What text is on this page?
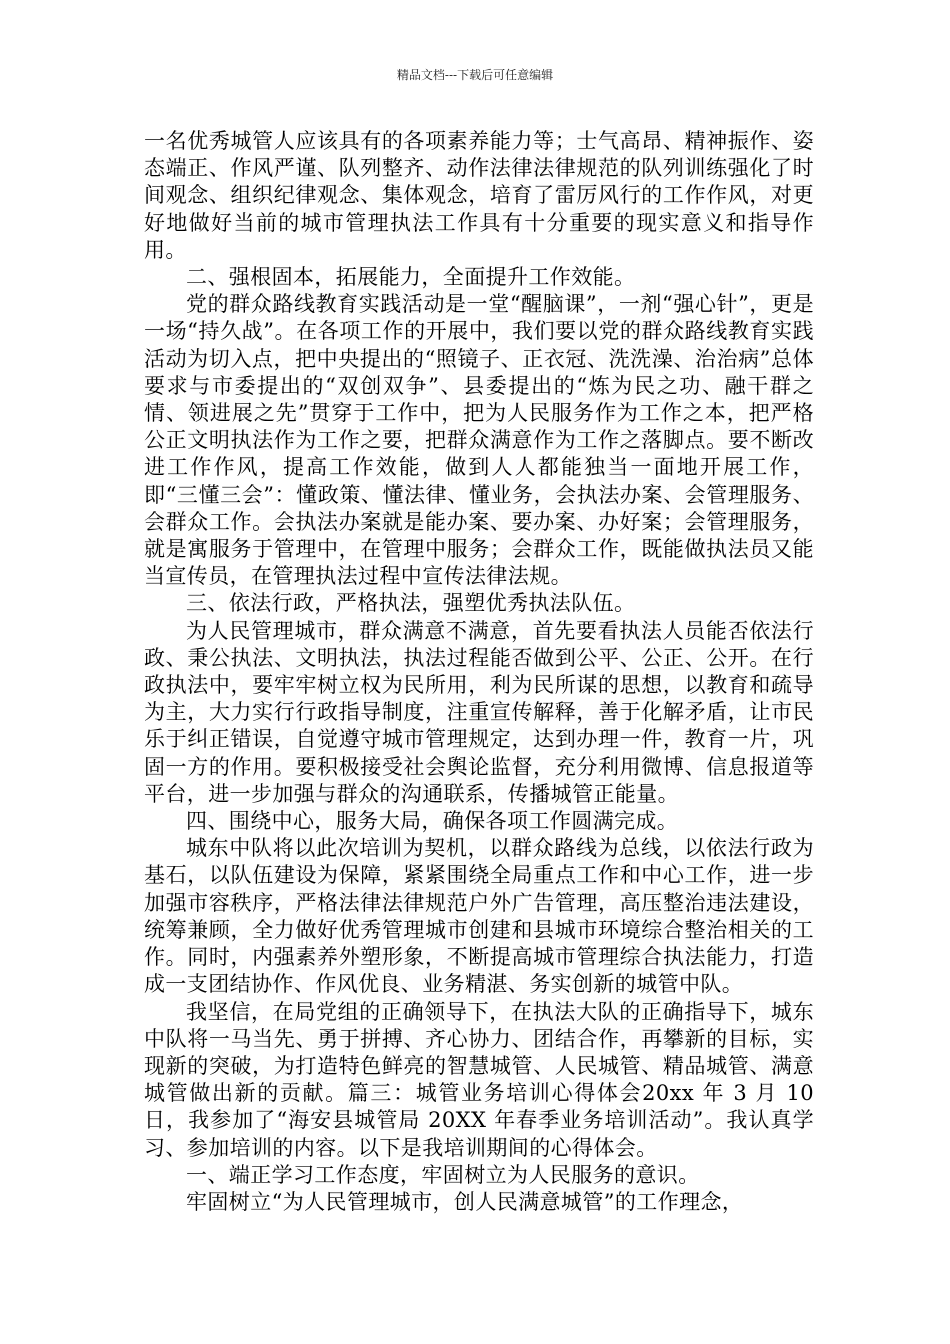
精品文档---下载后可任意编辑

一名优秀城管人应该具有的各项素养能力等；士气高昂、精神振作、姿态端正、作风严谨、队列整齐、动作法律法律规范的队列训练强化了时间观念、组织纪律观念、集体观念，培育了雷厉风行的工作作风，对更好地做好当前的城市管理执法工作具有十分重要的现实意义和指导作用。

二、强根固本，拓展能力，全面提升工作效能。

党的群众路线教育实践活动是一堂“醒脑课”，一剂“强心针”，更是一场“持久战”。在各项工作的开展中，我们要以党的群众路线教育实践活动为切入点，把中央提出的“照镜子、正衣冠、洗洗澡、治治病”总体要求与市委提出的“双创双争”、县委提出的“炼为民之功、融干群之情、领进展之先”贯穿于工作中，把为人民服务作为工作之本，把严格公正文明执法作为工作之要，把群众满意作为工作之落脚点。要不断改进工作作风，提高工作效能，做到人人都能独当一面地开展工作，即“三懂三会”：懂政策、懂法律、懂业务，会执法办案、会管理服务、会群众工作。会执法办案就是能办案、要办案、办好案；会管理服务，就是寓服务于管理中，在管理中服务；会群众工作，既能做执法员又能当宣传员，在管理执法过程中宣传法律法规。

三、依法行政，严格执法，强塑优秀执法队伍。

为人民管理城市，群众满意不满意，首先要看执法人员能否依法行政、秉公执法、文明执法，执法过程能否做到公平、公正、公开。在行政执法中，要牢牢树立权为民所用，利为民所谋的思想，以教育和疏导为主，大力实行行政指导制度，注重宣传解释，善于化解矛盾，让市民乐于纠正错误，自觉遵守城市管理规定，达到办理一件，教育一片，巩固一方的作用。要积极接受社会舆论监督，充分利用微博、信息报道等平台，进一步加强与群众的沟通联系，传播城管正能量。

四、围绕中心，服务大局，确保各项工作圆满完成。

城东中队将以此次培训为契机，以群众路线为总线，以依法行政为基石，以队伍建设为保障，紧紧围绕全局重点工作和中心工作，进一步加强市容秩序，严格法律法律规范户外广告管理，高压整治违法建设，统筹兼顾，全力做好优秀管理城市创建和县城市环境综合整治相关的工作。同时，内强素养外塑形象，不断提高城市管理综合执法能力，打造成一支团结协作、作风优良、业务精湛、务实创新的城管中队。

我坚信，在局党组的正确领导下，在执法大队的正确指导下，城东中队将一马当先、勇于拼搏、齐心协力、团结合作，再攀新的目标，实现新的突破，为打造特色鲜亮的智慧城管、人民城管、精品城管、满意城管做出新的贡献。篇三：城管业务培训心得体会20xx 年 3 月 10 日，我参加了“海安县城管局 20XX 年春季业务培训活动”。我认真学习、参加培训的内容。以下是我培训期间的心得体会。

一、端正学习工作态度，牢固树立为人民服务的意识。

牢固树立“为人民管理城市，创人民满意城管”的工作理念，
